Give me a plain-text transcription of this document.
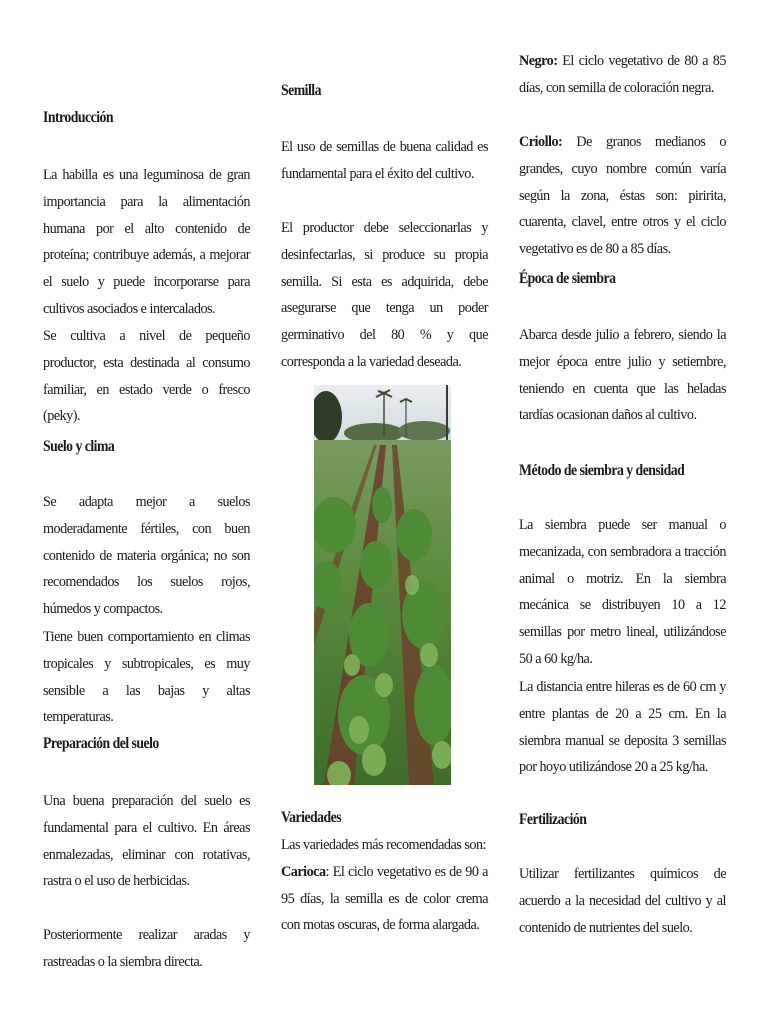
Introducción

La habilla es una leguminosa de gran importancia para la alimentación humana por el alto contenido de proteína; contribuye además, a mejorar el suelo y puede incorporarse para cultivos asociados e intercalados.

Se cultiva a nivel de pequeño productor, esta destinada al consumo familiar, en estado verde o fresco (peky).

Suelo y clima

Se adapta mejor a suelos moderadamente fértiles, con buen contenido de materia orgánica; no son recomendados los suelos rojos, húmedos y compactos.

Tiene buen comportamiento en climas tropicales y subtropicales, es muy sensible a las bajas y altas temperaturas.

Preparación del suelo

Una buena preparación del suelo es fundamental para el cultivo. En áreas enmalezadas, eliminar con rotativas, rastra o el uso de herbicidas.

Posteriormente realizar aradas y rastreadas o la siembra directa.

Semilla

El uso de semillas de buena calidad es fundamental para el éxito del cultivo.

El productor debe seleccionarlas y desinfectarlas, si produce su propia semilla. Si esta es adquirida, debe asegurarse que tenga un poder germinativo del 80 % y que corresponda a la variedad deseada.

Variedades

Las variedades más recomendadas son:
Carioca: El ciclo vegetativo es de 90 a 95 días, la semilla es de color crema con motas oscuras, de forma alargada.

Negro: El ciclo vegetativo de 80 a 85 días, con semilla de coloración negra.

Criollo: De granos medianos o grandes, cuyo nombre común varía según la zona, éstas son: piririta, cuarenta, clavel, entre otros y el ciclo vegetativo es de 80 a 85 días.

Época de siembra

Abarca desde julio a febrero, siendo la mejor época entre julio y setiembre, teniendo en cuenta que las heladas tardías ocasionan daños al cultivo.

Método de siembra y densidad

La siembra puede ser manual o mecanizada, con sembradora a tracción animal o motriz. En la siembra mecánica se distribuyen 10 a 12 semillas por metro lineal, utilizándose 50 a 60 kg/ha.

La distancia entre hileras es de 60 cm y entre plantas de 20 a 25 cm. En la siembra manual se deposita 3 semillas por hoyo utilizándose 20 a 25 kg/ha.

Fertilización

Utilizar fertilizantes químicos de acuerdo a la necesidad del cultivo y al contenido de nutrientes del suelo.
